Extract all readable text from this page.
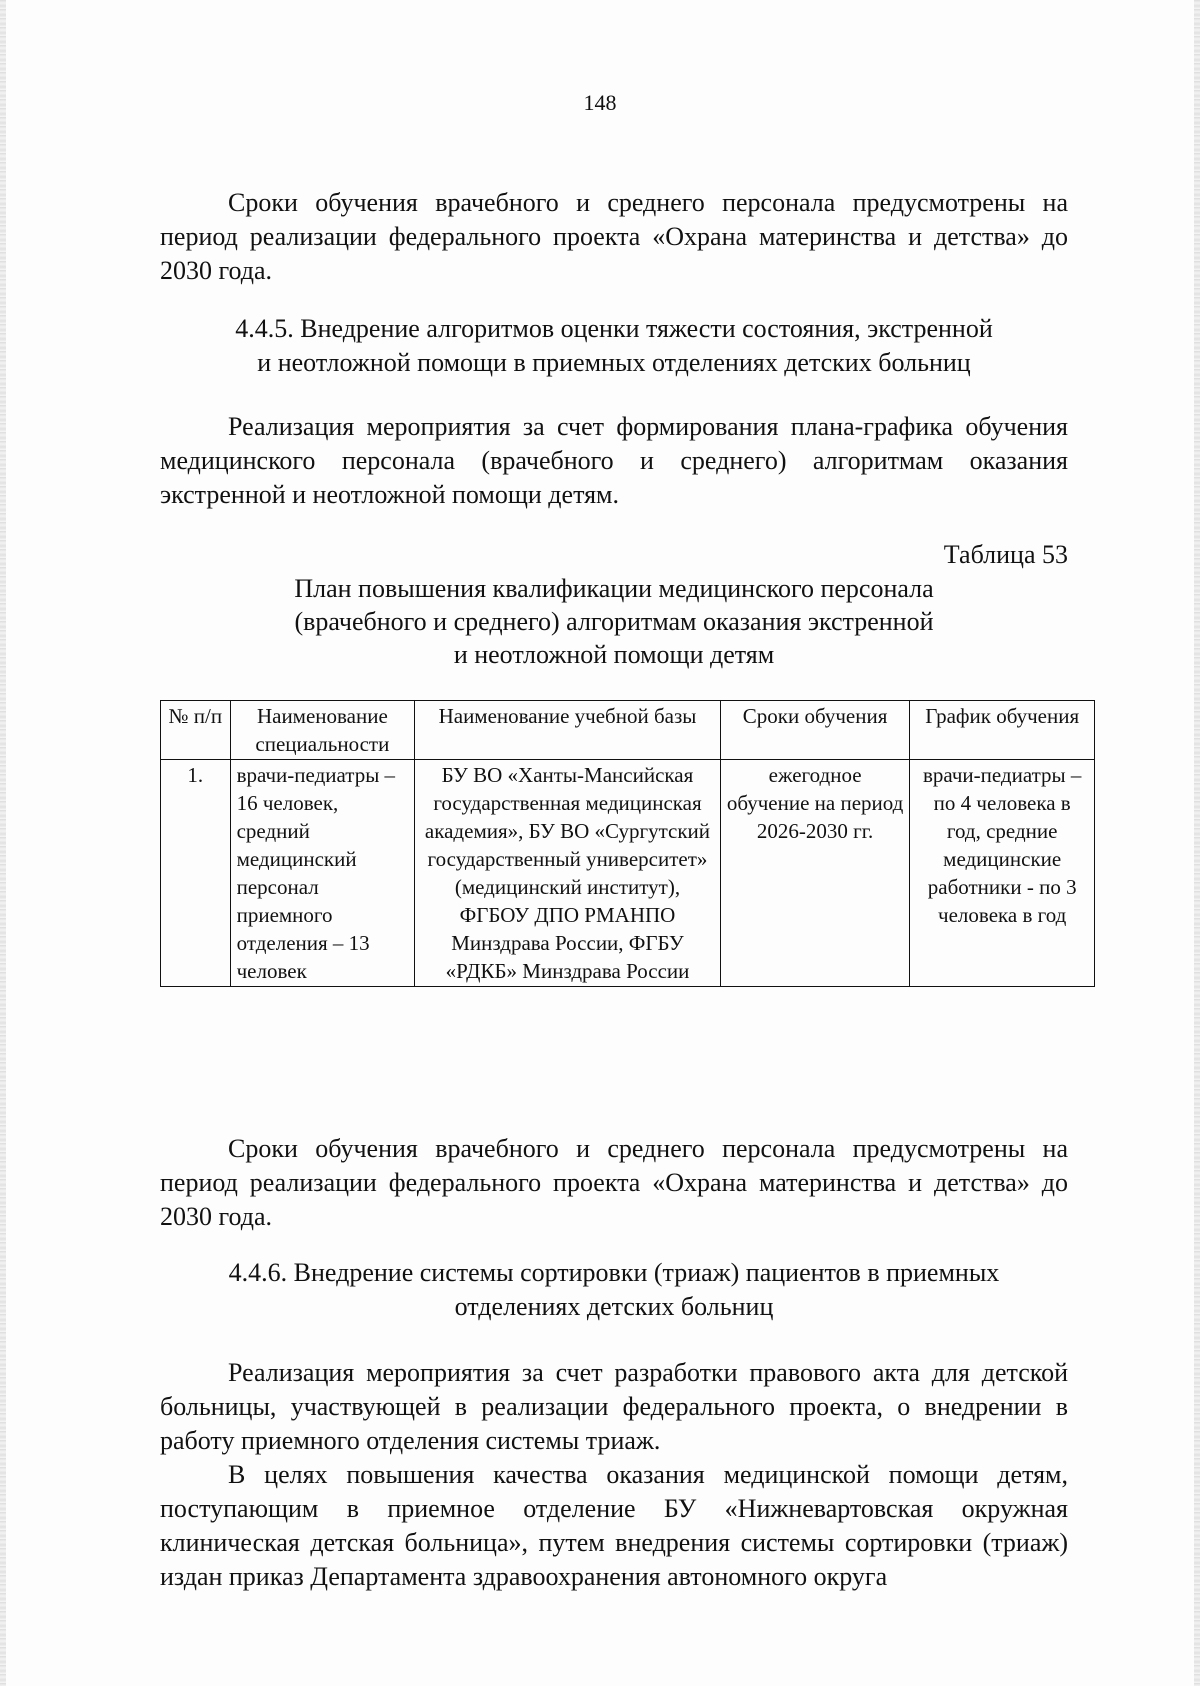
148

Сроки обучения врачебного и среднего персонала предусмотрены на период реализации федерального проекта «Охрана материнства и детства» до 2030 года.

4.4.5. Внедрение алгоритмов оценки тяжести состояния, экстренной
и неотложной помощи в приемных отделениях детских больниц

Реализация мероприятия за счет формирования плана-графика обучения медицинского персонала (врачебного и среднего) алгоритмам оказания экстренной и неотложной помощи детям.

Таблица 53
План повышения квалификации медицинского персонала
(врачебного и среднего) алгоритмам оказания экстренной
и неотложной помощи детям
№ п/п	Наименование специальности	Наименование учебной базы	Сроки обучения	График обучения
1.	врачи-педиатры – 16 человек, средний медицинский персонал приемного отделения – 13 человек	БУ ВО «Ханты-Мансийская государственная медицинская академия», БУ ВО «Сургутский государственный университет» (медицинский институт), ФГБОУ ДПО РМАНПО Минздрава России, ФГБУ «РДКБ» Минздрава России	ежегодное обучение на период 2026-2030 гг.	врачи-педиатры – по 4 человека в год, средние медицинские работники - по 3 человека в год

Сроки обучения врачебного и среднего персонала предусмотрены на период реализации федерального проекта «Охрана материнства и детства» до 2030 года.

4.4.6. Внедрение системы сортировки (триаж) пациентов в приемных
отделениях детских больниц

Реализация мероприятия за счет разработки правового акта для детской больницы, участвующей в реализации федерального проекта, о внедрении в работу приемного отделения системы триаж.

В целях повышения качества оказания медицинской помощи детям, поступающим в приемное отделение БУ «Нижневартовская окружная клиническая детская больница», путем внедрения системы сортировки (триаж) издан приказ Департамента здравоохранения автономного округа
